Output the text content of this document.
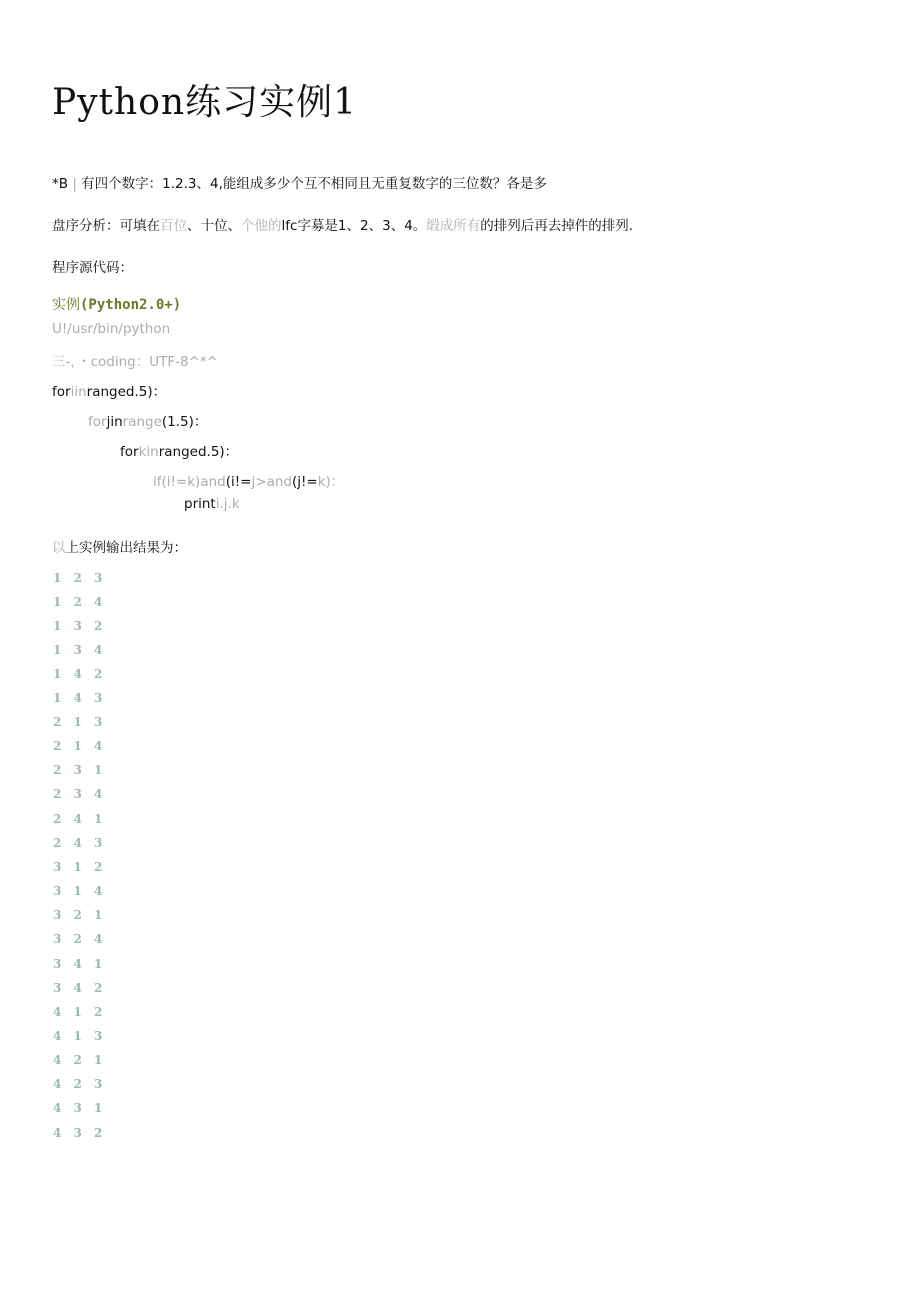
Python练习实例1
*B | 有四个数字：1.2.3、4,能组成多少个互不相同且无重复数字的三位数？各是多
盘序分析：可填在百位、十位、个他的lfc字募是1、2、3、4。缎成所有的排列后再去掉件的排列.
程序源代码：
实例(Python2.0+)
U!/usr/bin/python
三-，・coding：UTF-8^*^
foriinranged.5)：
forjinrange(1.5)：
forkinranged.5)：
if(i!=k)and(i!=j>and(j!=k)：
printi.j.k
以上实例输出结果为：
1 2 3
1 2 4
1 3 2
1 3 4
1 4 2
1 4 3
2 1 3
2 1 4
2 3 1
2 3 4
2 4 1
2 4 3
3 1 2
3 1 4
3 2 1
3 2 4
3 4 1
3 4 2
4 1 2
4 1 3
4 2 1
4 2 3
4 3 1
4 3 2
